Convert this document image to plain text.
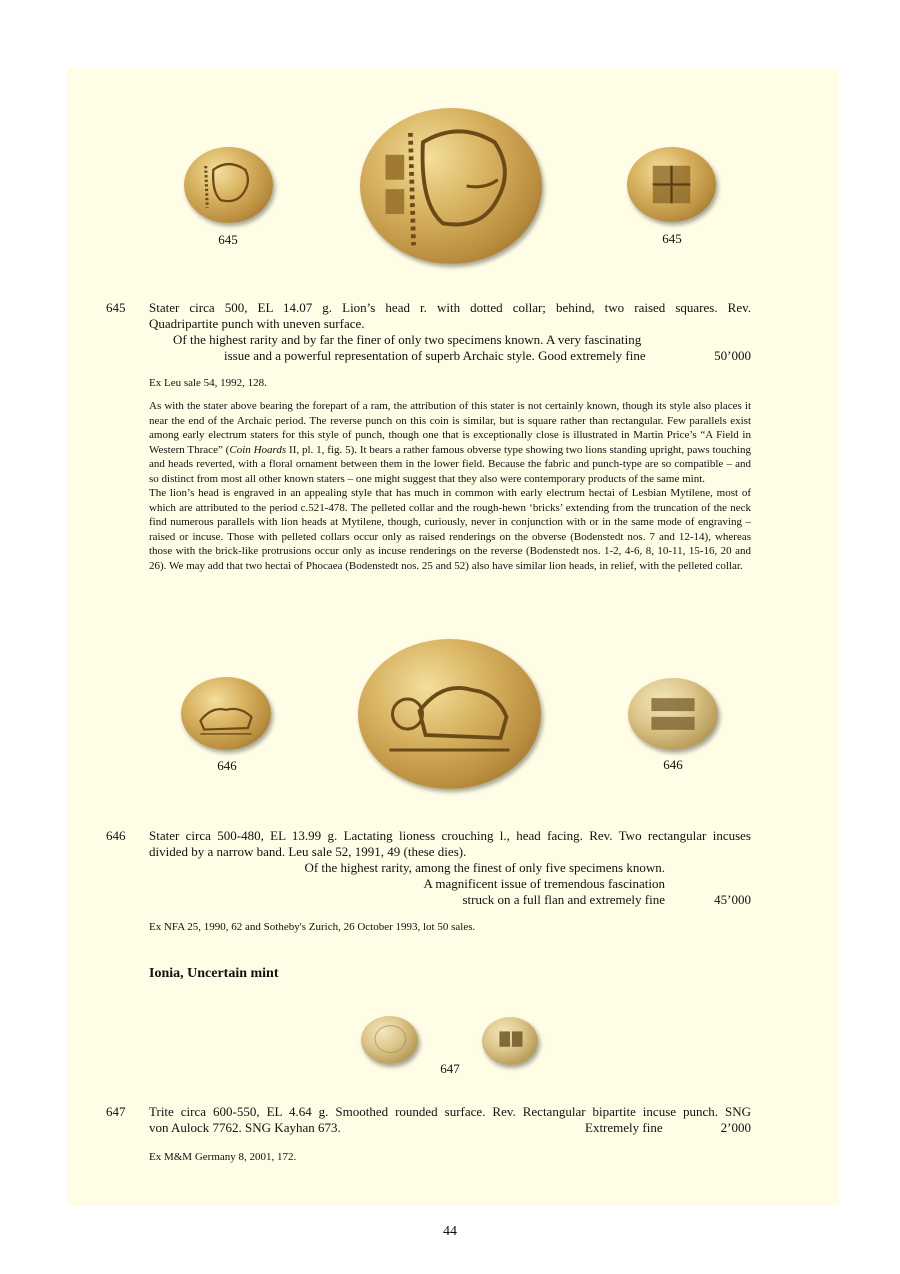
645	645
645 Stater circa 500, EL 14.07 g. Lion’s head r. with dotted collar; behind, two raised squares. Rev.
Quadripartite punch with uneven surface.
Of the highest rarity and by far the finer of only two specimens known. A very fascinating
issue and a powerful representation of superb Archaic style. Good extremely fine	50’000
Ex Leu sale 54, 1992, 128.
As with the stater above bearing the forepart of a ram, the attribution of this stater is not certainly known, though its style also places it near the end of the Archaic period. The reverse punch on this coin is similar, but is square rather than rectangular. Few parallels exist among early electrum staters for this style of punch, though one that is exceptionally close is illustrated in Martin Price’s “A Field in Western Thrace” (Coin Hoards II, pl. 1, fig. 5). It bears a rather famous obverse type showing two lions standing upright, paws touching and heads reverted, with a floral ornament between them in the lower field. Because the fabric and punch-type are so compatible – and so distinct from most all other known staters – one might suggest that they also were contemporary products of the same mint.
The lion’s head is engraved in an appealing style that has much in common with early electrum hectai of Lesbian Mytilene, most of which are attributed to the period c.521-478. The pelleted collar and the rough-hewn ‘bricks’ extending from the truncation of the neck find numerous parallels with lion heads at Mytilene, though, curiously, never in conjunction with or in the same mode of engraving – raised or incuse. Those with pelleted collars occur only as raised renderings on the obverse (Bodenstedt nos. 7 and 12-14), whereas those with the brick-like protrusions occur only as incuse renderings on the reverse (Bodenstedt nos. 1-2, 4-6, 8, 10-11, 15-16, 20 and 26). We may add that two hectai of Phocaea (Bodenstedt nos. 25 and 52) also have similar lion heads, in relief, with the pelleted collar.
646	646
646 Stater circa 500-480, EL 13.99 g. Lactating lioness crouching l., head facing. Rev. Two rectangular incuses
divided by a narrow band. Leu sale 52, 1991, 49 (these dies).
Of the highest rarity, among the finest of only five specimens known.
A magnificent issue of tremendous fascination
struck on a full flan and extremely fine	45’000
Ex NFA 25, 1990, 62 and Sotheby's Zurich, 26 October 1993, lot 50 sales.
Ionia, Uncertain mint
647
647 Trite circa 600-550, EL 4.64 g. Smoothed rounded surface. Rev. Rectangular bipartite incuse punch. SNG
von Aulock 7762. SNG Kayhan 673.	Extremely fine	2’000
Ex M&M Germany 8, 2001, 172.
44
